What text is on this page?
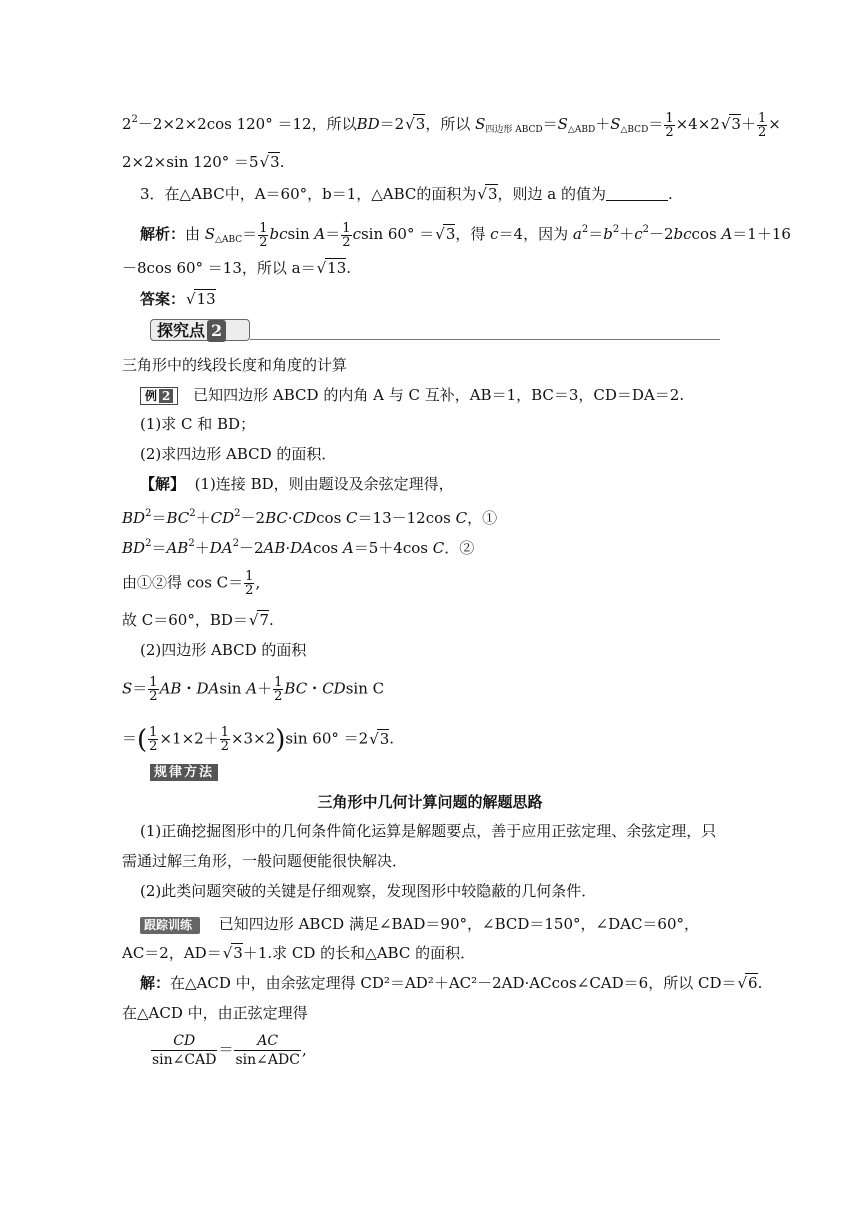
$2^2-2\times 2\times 2\cos$ 120° ＝12，所以BD＝2√ 3，所以 $S_{四边形 ABCD}=S_{\triangle ABD}+S_{\triangle BCD}= \frac{1}{2} \times 4\times 2√$ $3+ \frac{1}{2}$ ×
2×2×sin 120° ＝5√ 3.
3．在△ABC中，A＝60°，b＝1，△ABC的面积为√ 3，则边 a 的值为	.
解析：由 $S_{\triangle ABC}= \frac{1}{2}$ bcsin $A= \frac{1}{2}$ csin 60° ＝√ 3，得 c＝4，因为 $a^2=b^2+c^2-2bccos$ A＝1＋16
－8cos 60° ＝13，所以 a＝√ 13.
答案：√ 13
探究点 2
三角形中的线段长度和角度的计算
例 2 已知四边形 ABCD 的内角 A 与 C 互补，AB＝1，BC＝3，CD＝DA＝2.
(1)求 C 和 BD；
(2)求四边形 ABCD 的面积．
【解】 (1)连接 BD，则由题设及余弦定理得，
$BD^2=BC^2+CD^2-2BC\cdot CDcos$ C＝13－12cos C，①
$BD^2=AB^2+DA^2-2AB\cdot DAcos$ A＝5＋4cos C．②
由①②得 $\cos C= \frac{1}{2}$ ,
故 C＝60°，BD＝√ 7.
(2)四边形 ABCD 的面积
$S= \frac{1}{2}$ AB・DAsin $A+ \frac{1}{2}$ BC・CDsin C
＝( $\frac{1}{2} \times 1\times 2+ \frac{1}{2} \times 3\times 2)\sin$ 60° ＝2√ 3.
规律方法
三角形中几何计算问题的解题思路
(1)正确挖掘图形中的几何条件简化运算是解题要点，善于应用正弦定理、余弦定理，只
需通过解三角形，一般问题便能很快解决．
(2)此类问题突破的关键是仔细观察，发现图形中较隐蔽的几何条件．
跟踪训练 已知四边形 ABCD 满足∠BAD＝90°，∠BCD＝150°，∠DAC＝60°，
AC＝2，AD＝√ 3＋1.求 CD 的长和△ABC 的面积．
解：在△ACD 中，由余弦定理得 CD²＝AD²＋AC²－2AD·ACcos∠CAD＝6，所以 CD＝√ 6.
在△ACD 中，由正弦定理得
$\frac{CD}{\text{sin∠CAD}} = \frac{AC}{\text{sin∠ADC}}$ ,
